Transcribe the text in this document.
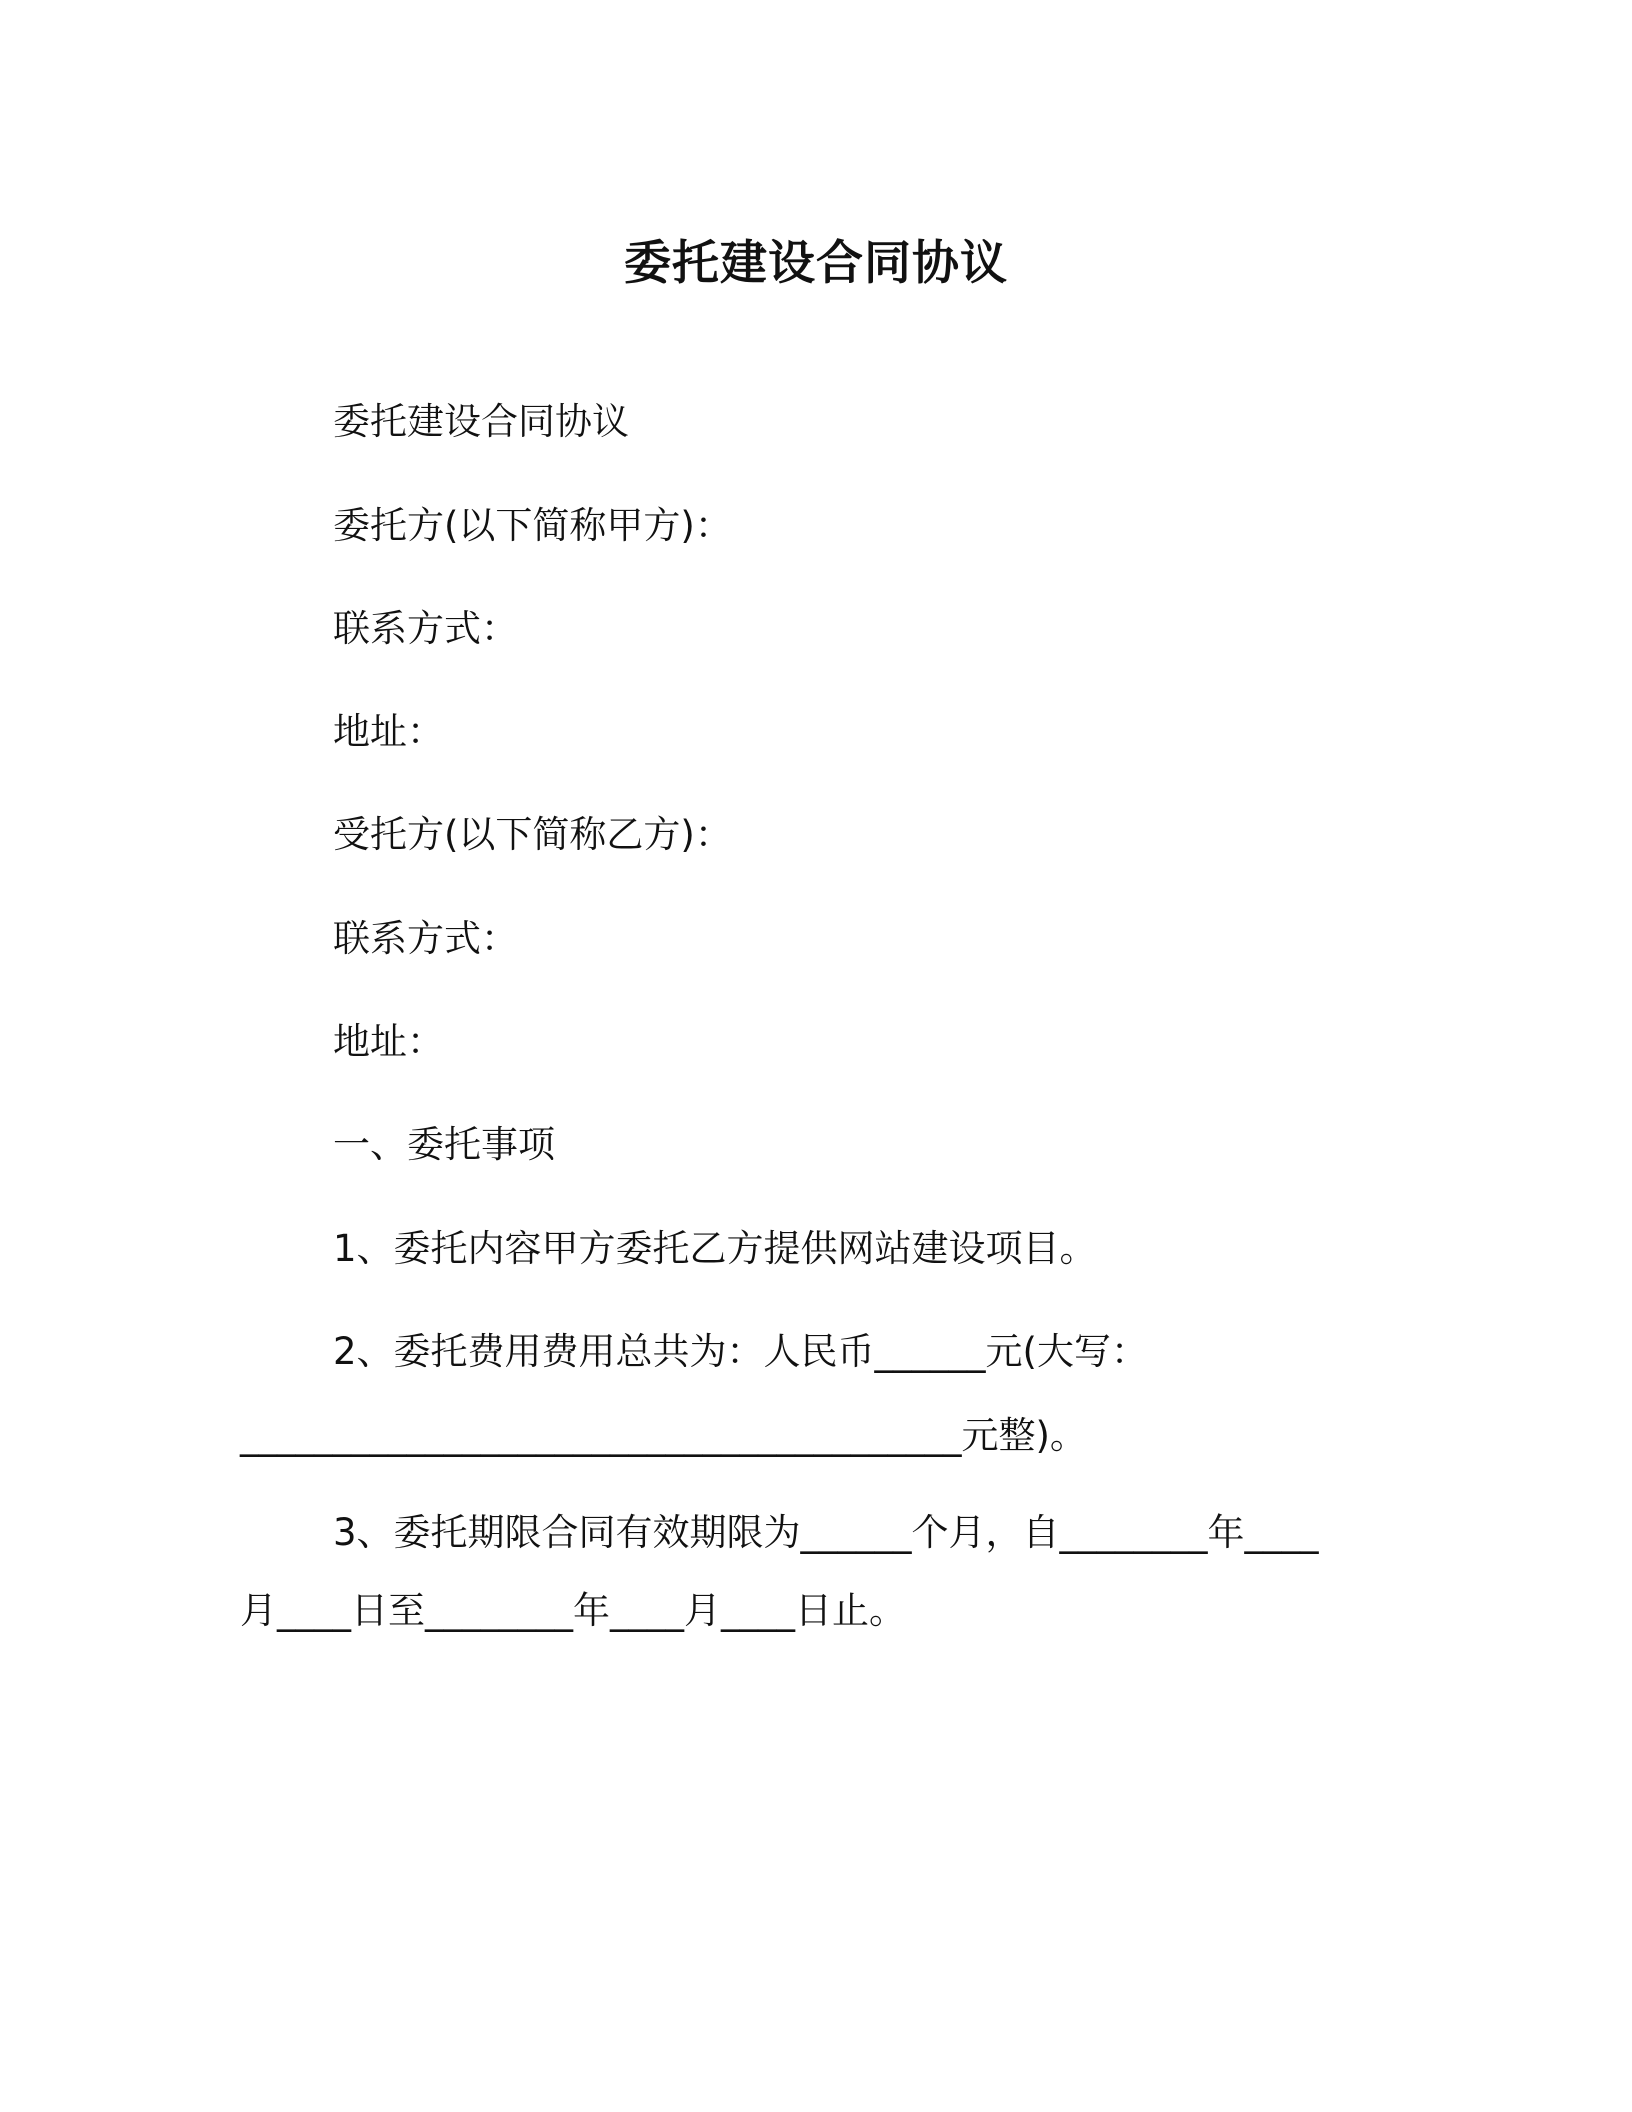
委托建设合同协议
委托建设合同协议
委托方(以下简称甲方)：
联系方式：
地址：
受托方(以下简称乙方)：
联系方式：
地址：
一、委托事项
1、委托内容甲方委托乙方提供网站建设项目。
2、委托费用费用总共为：人民币______元(大写：
_______________________________________元整)。
3、委托期限合同有效期限为______个月，自________年____
月____日至________年____月____日止。
